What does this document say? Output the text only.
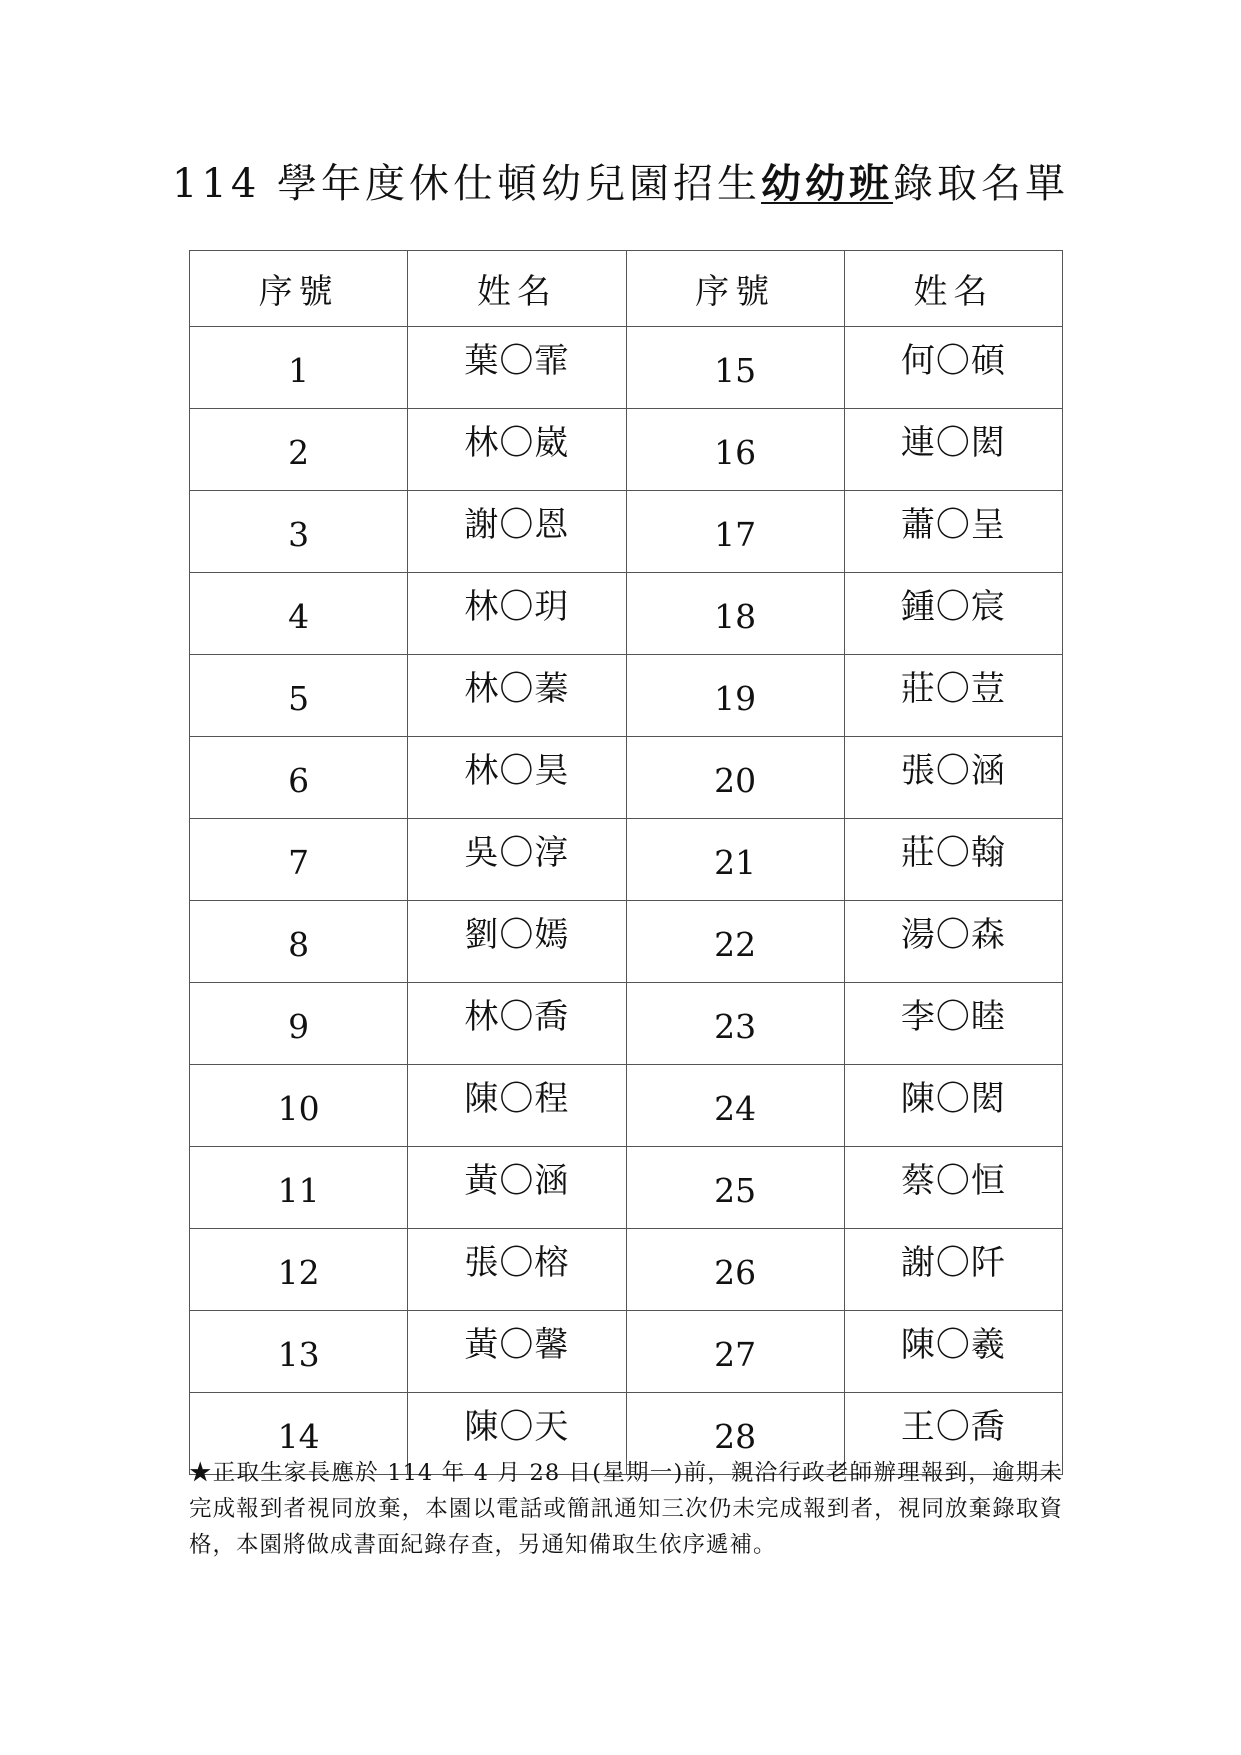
114 學年度休仕頓幼兒園招生幼幼班錄取名單
序號	姓名	序號	姓名
1	葉〇霏	15	何〇碩
2	林〇崴	16	連〇閎
3	謝〇恩	17	蕭〇呈
4	林〇玥	18	鍾〇宸
5	林〇蓁	19	莊〇荳
6	林〇昊	20	張〇涵
7	吳〇淳	21	莊〇翰
8	劉〇嫣	22	湯〇森
9	林〇喬	23	李〇睦
10	陳〇程	24	陳〇閎
11	黃〇涵	25	蔡〇恒
12	張〇榕	26	謝〇阡
13	黃〇馨	27	陳〇羲
14	陳〇天	28	王〇喬
★正取生家長應於 114 年 4 月 28 日(星期一)前，親洽行政老師辦理報到，逾期未完成報到者視同放棄，本園以電話或簡訊通知三次仍未完成報到者，視同放棄錄取資格，本園將做成書面紀錄存查，另通知備取生依序遞補。
